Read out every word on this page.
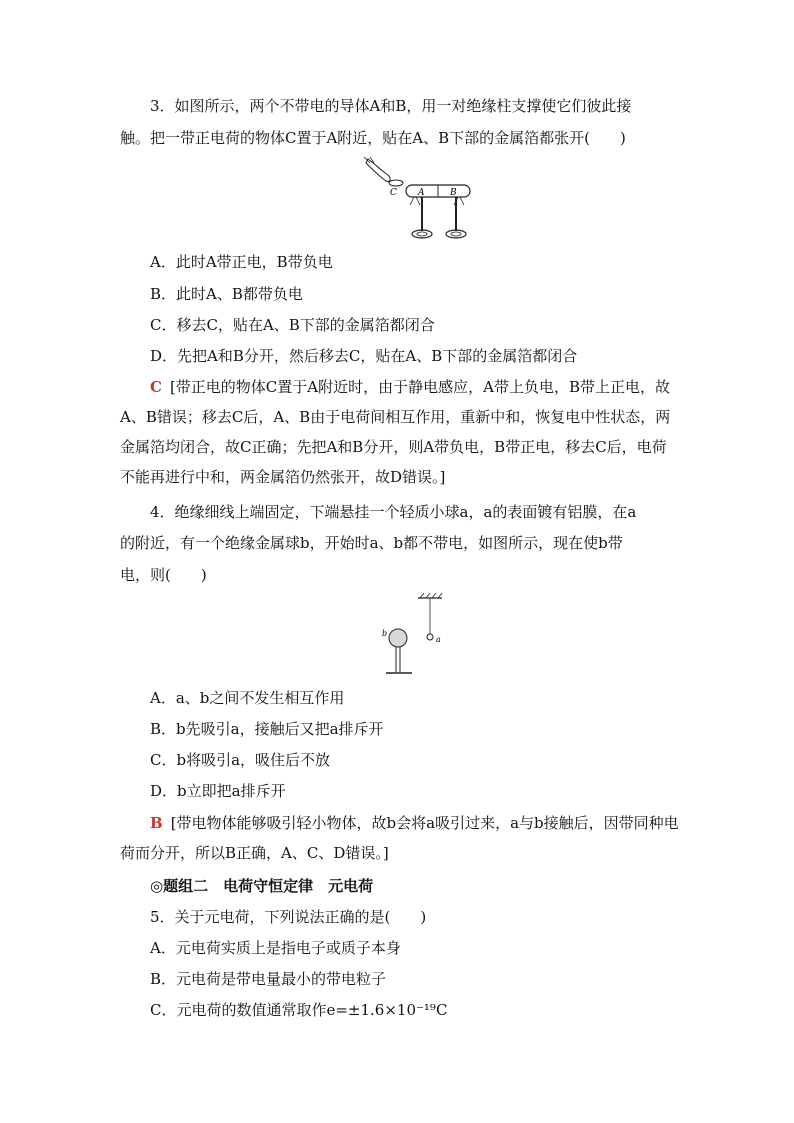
3．如图所示，两个不带电的导体A和B，用一对绝缘柱支撑使它们彼此接
触。把一带正电荷的物体C置于A附近，贴在A、B下部的金属箔都张开(　　)
C A	B
A．此时A带正电，B带负电
B．此时A、B都带负电
C．移去C，贴在A、B下部的金属箔都闭合
D．先把A和B分开，然后移去C，贴在A、B下部的金属箔都闭合
C [带正电的物体C置于A附近时，由于静电感应，A带上负电，B带上正电，故A、B错误；移去C后，A、B由于电荷间相互作用，重新中和，恢复电中性状态，两金属箔均闭合，故C正确；先把A和B分开，则A带负电，B带正电，移去C后，电荷不能再进行中和，两金属箔仍然张开，故D错误。]
4．绝缘细线上端固定，下端悬挂一个轻质小球a，a的表面镀有铝膜，在a
的附近，有一个绝缘金属球b，开始时a、b都不带电，如图所示，现在使b带
电，则(　　)
a
b
A．a、b之间不发生相互作用
B．b先吸引a，接触后又把a排斥开
C．b将吸引a，吸住后不放
D．b立即把a排斥开
B [带电物体能够吸引轻小物体，故b会将a吸引过来，a与b接触后，因带同种电荷而分开，所以B正确，A、C、D错误。]
◎题组二　电荷守恒定律　元电荷
5．关于元电荷，下列说法正确的是(　　)
A．元电荷实质上是指电子或质子本身
B．元电荷是带电量最小的带电粒子
C．元电荷的数值通常取作e=±1.6×10⁻¹⁹C
